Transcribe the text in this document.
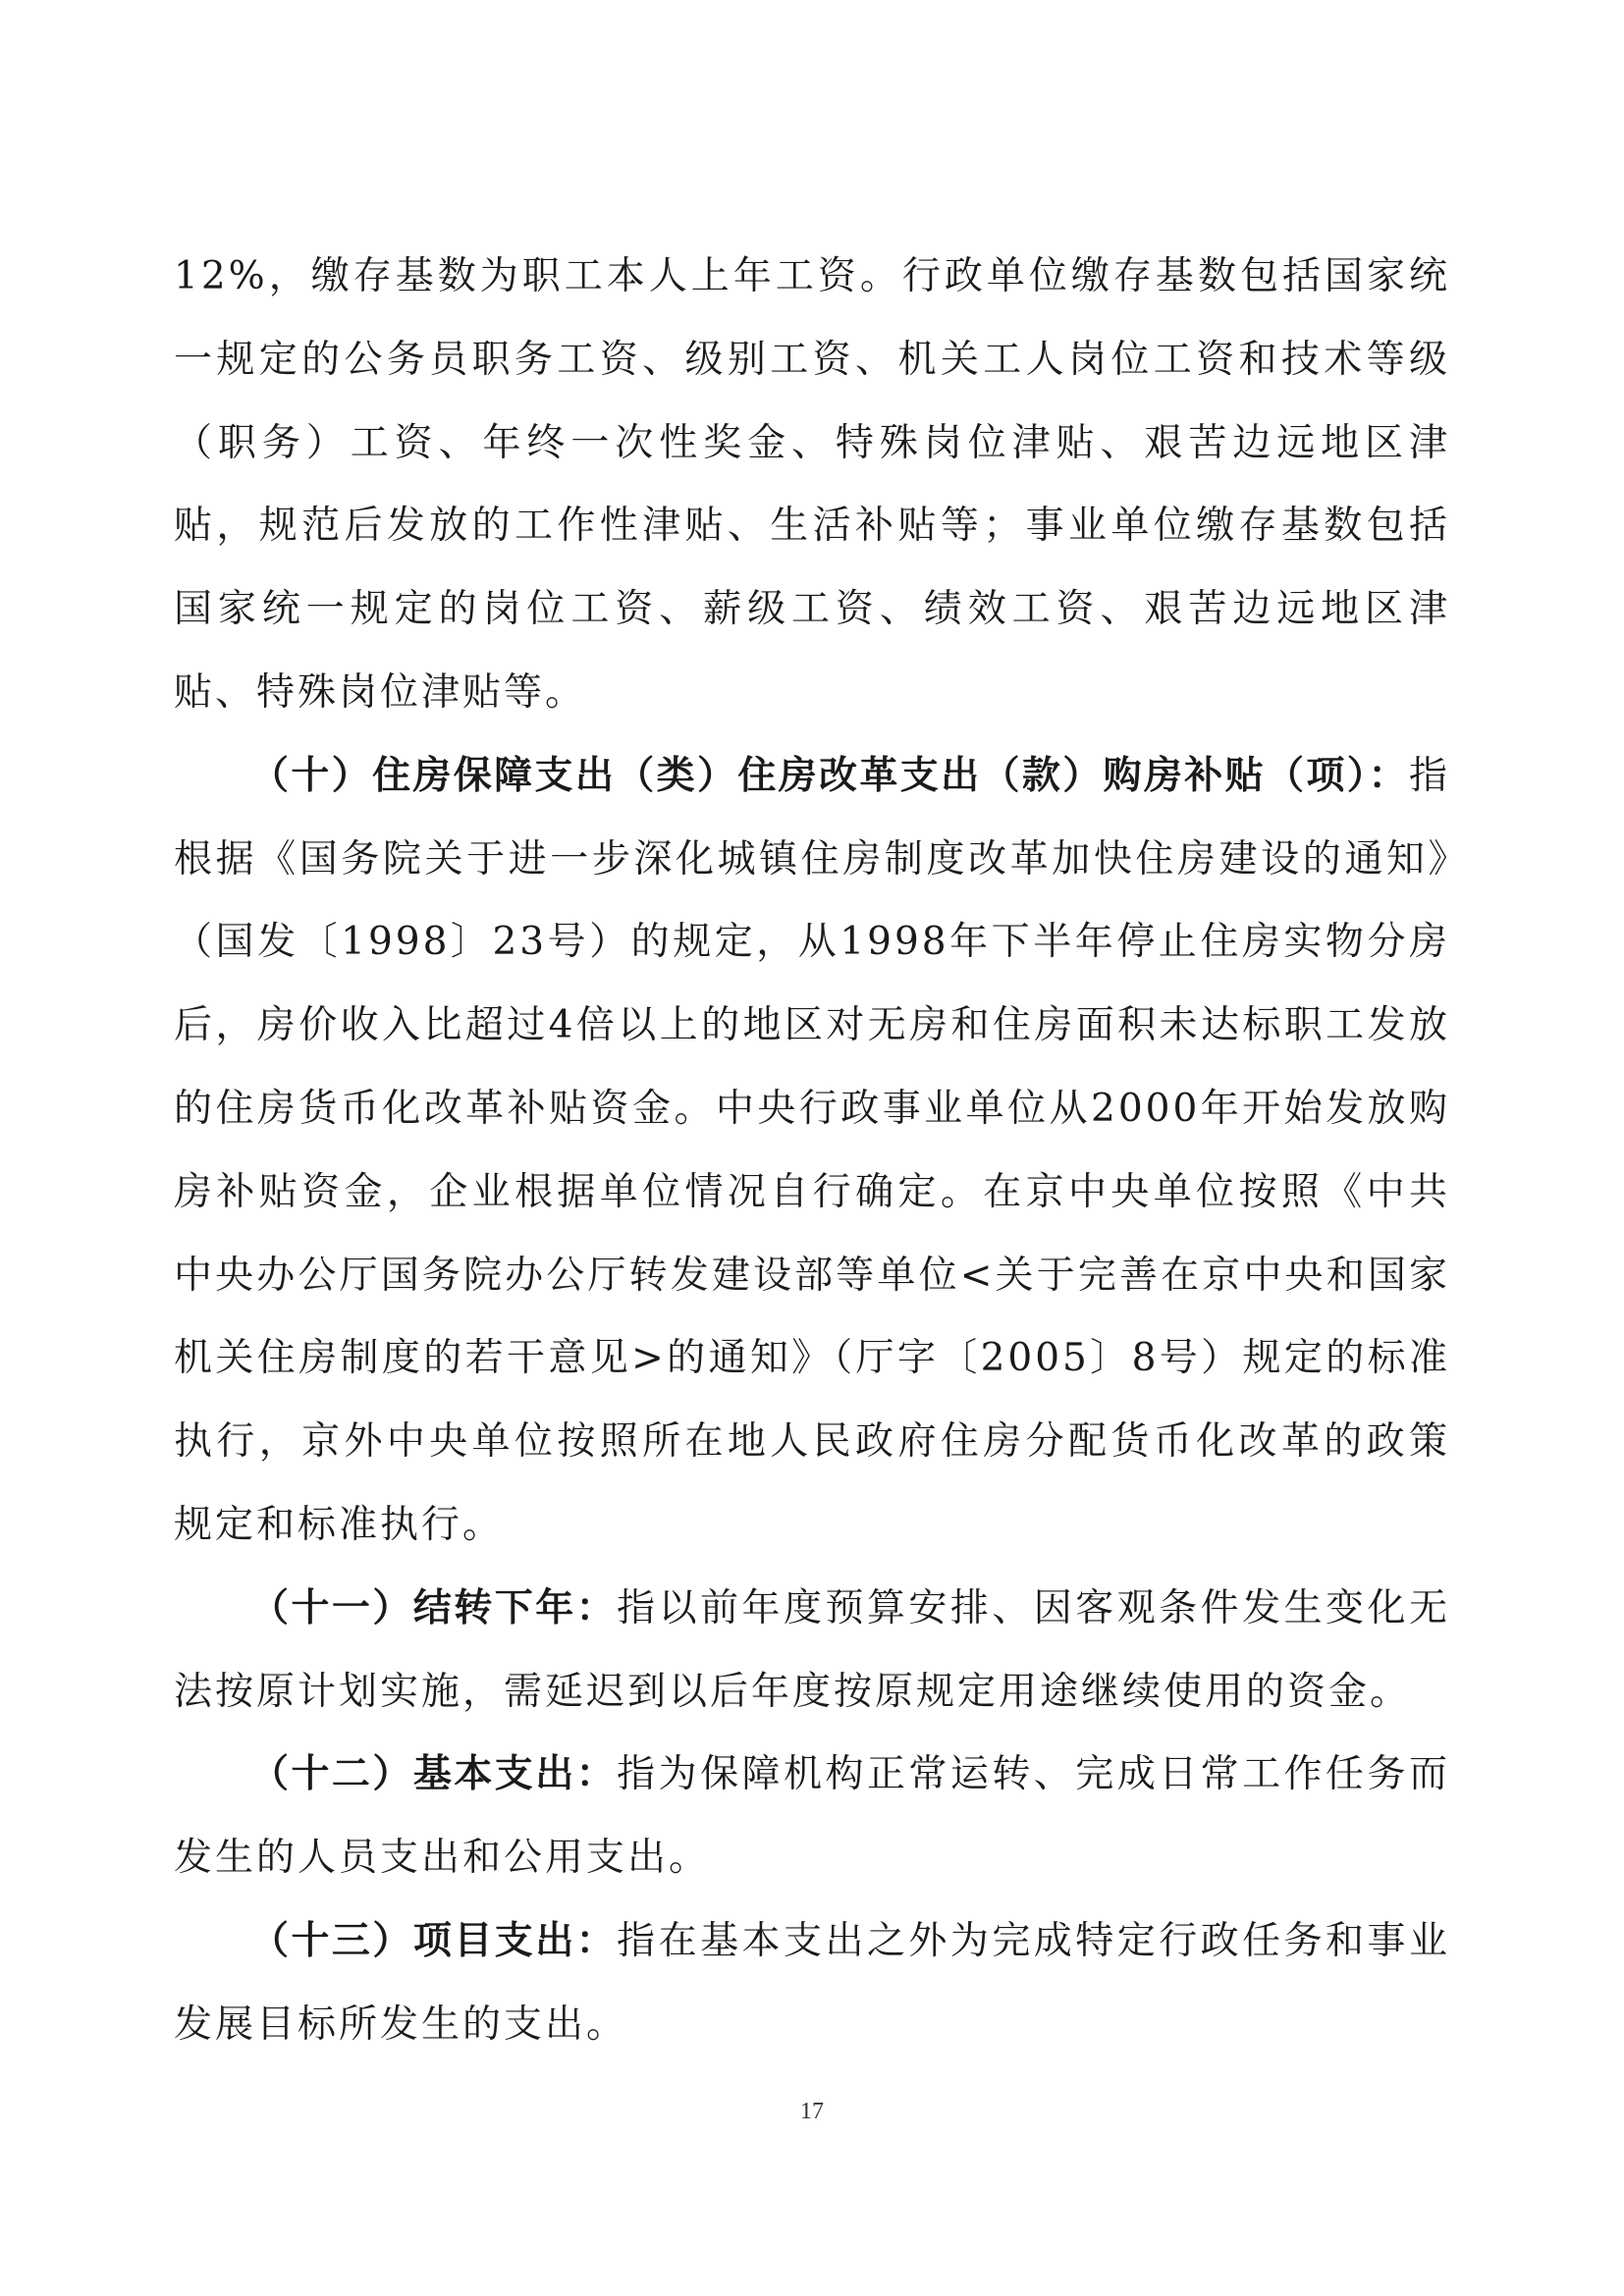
12%，缴存基数为职工本人上年工资。行政单位缴存基数包括国家统一规定的公务员职务工资、级别工资、机关工人岗位工资和技术等级（职务）工资、年终一次性奖金、特殊岗位津贴、艰苦边远地区津贴，规范后发放的工作性津贴、生活补贴等；事业单位缴存基数包括国家统一规定的岗位工资、薪级工资、绩效工资、艰苦边远地区津贴、特殊岗位津贴等。

（十）住房保障支出（类）住房改革支出（款）购房补贴（项）：指根据《国务院关于进一步深化城镇住房制度改革加快住房建设的通知》（国发〔1998〕23号）的规定，从1998年下半年停止住房实物分房后，房价收入比超过4倍以上的地区对无房和住房面积未达标职工发放的住房货币化改革补贴资金。中央行政事业单位从2000年开始发放购房补贴资金，企业根据单位情况自行确定。在京中央单位按照《中共中央办公厅国务院办公厅转发建设部等单位<关于完善在京中央和国家机关住房制度的若干意见>的通知》（厅字〔2005〕8号）规定的标准执行，京外中央单位按照所在地人民政府住房分配货币化改革的政策规定和标准执行。

（十一）结转下年：指以前年度预算安排、因客观条件发生变化无法按原计划实施，需延迟到以后年度按原规定用途继续使用的资金。

（十二）基本支出：指为保障机构正常运转、完成日常工作任务而发生的人员支出和公用支出。

（十三）项目支出：指在基本支出之外为完成特定行政任务和事业发展目标所发生的支出。

17
